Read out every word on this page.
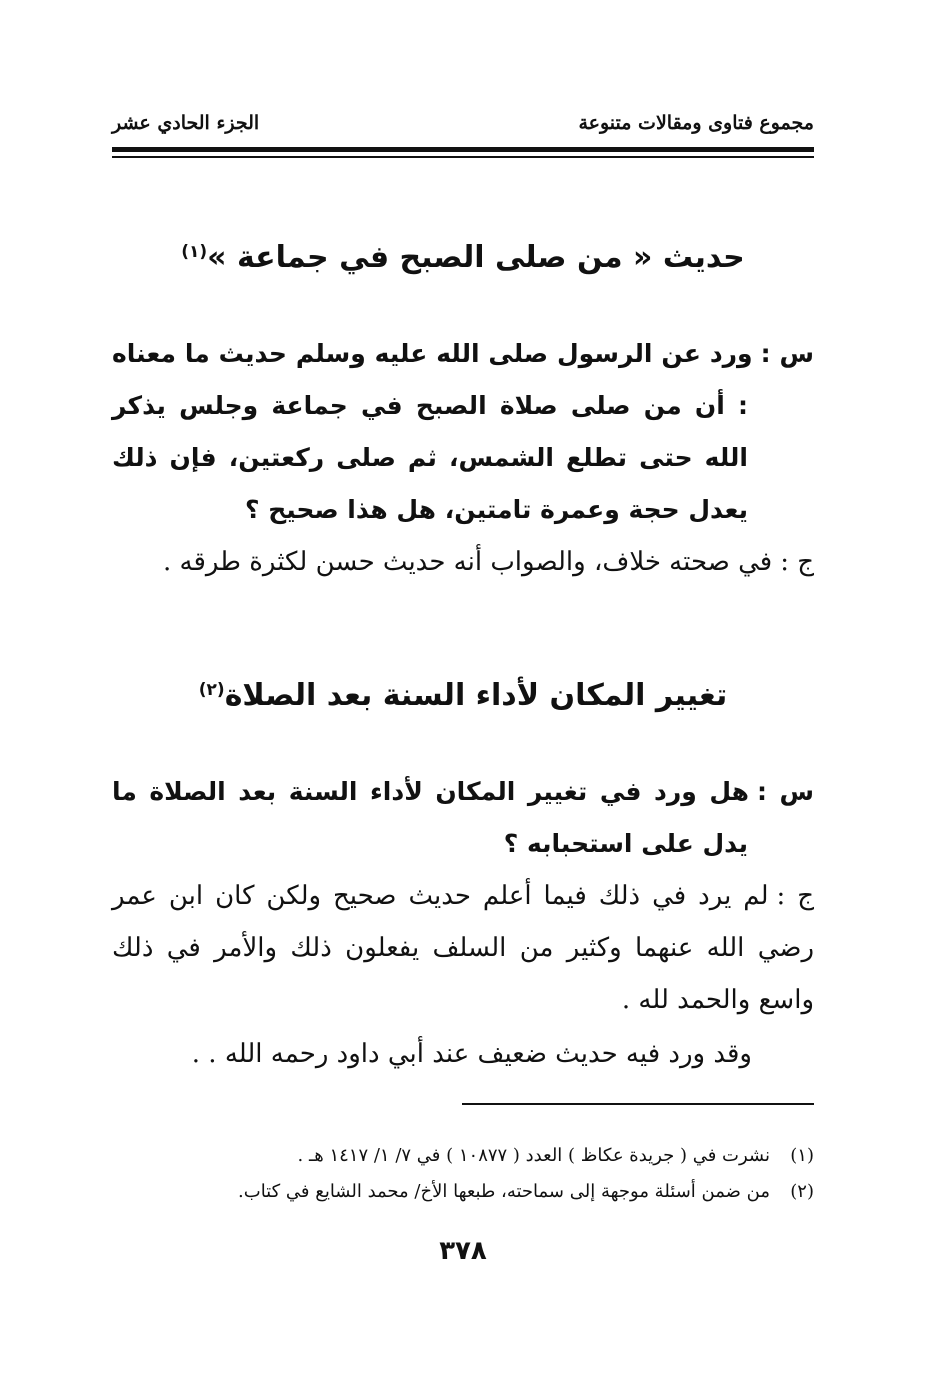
مجموع فتاوى ومقالات متنوعة
الجزء الحادي عشر
حديث « من صلى الصبح في جماعة »$^{(١)}$
س :ورد عن الرسول صلى الله عليه وسلم حديث ما معناه : أن من صلى صلاة الصبح في جماعة وجلس يذكر الله حتى تطلع الشمس، ثم صلى ركعتين، فإن ذلك يعدل حجة وعمرة تامتين، هل هذا صحيح ؟
ج :في صحته خلاف، والصواب أنه حديث حسن لكثرة طرقه .
تغيير المكان لأداء السنة بعد الصلاة$^{(٢)}$
س :هل ورد في تغيير المكان لأداء السنة بعد الصلاة ما يدل على استحبابه ؟
ج :لم يرد في ذلك فيما أعلم حديث صحيح ولكن كان ابن عمر رضي الله عنهما وكثير من السلف يفعلون ذلك والأمر في ذلك واسع والحمد لله .
وقد ورد فيه حديث ضعيف عند أبي داود رحمه الله . .
(١)نشرت في ( جريدة عكاظ ) العدد ( ١٠٨٧٧ ) في ٧/ ١/ ١٤١٧ هـ .
(٢)من ضمن أسئلة موجهة إلى سماحته، طبعها الأخ/ محمد الشايع في كتاب.
٣٧٨
